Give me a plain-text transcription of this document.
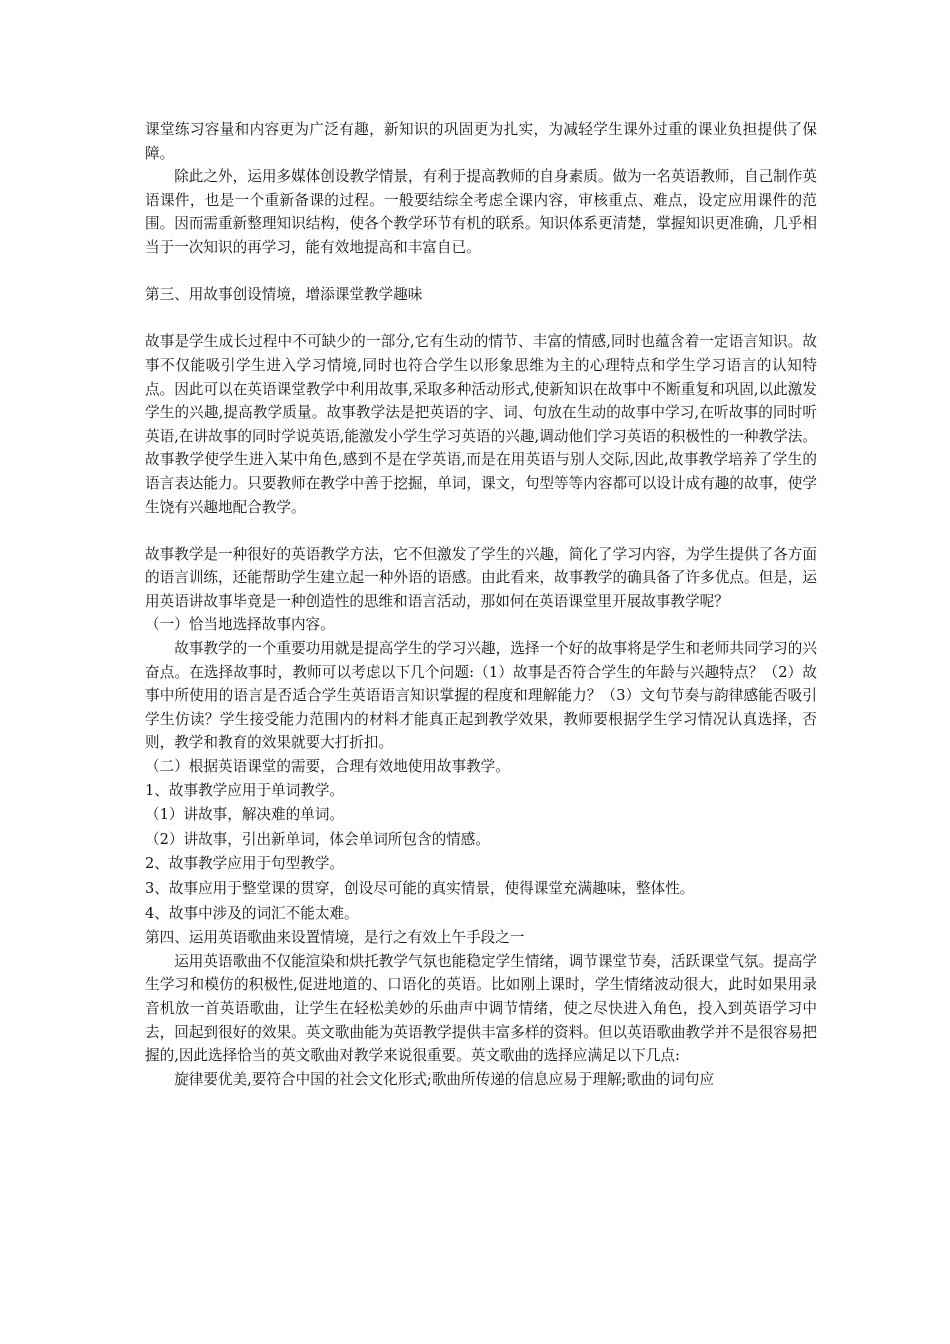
课堂练习容量和内容更为广泛有趣，新知识的巩固更为扎实，为减轻学生课外过重的课业负担提供了保障。

除此之外，运用多媒体创设教学情景，有利于提高教师的自身素质。做为一名英语教师，自己制作英语课件，也是一个重新备课的过程。一般要结综全考虑全课内容，审核重点、难点，设定应用课件的范围。因而需重新整理知识结构，使各个教学环节有机的联系。知识体系更清楚，掌握知识更准确，几乎相当于一次知识的再学习，能有效地提高和丰富自已。

第三、用故事创设情境，增添课堂教学趣味

故事是学生成长过程中不可缺少的一部分,它有生动的情节、丰富的情感,同时也蕴含着一定语言知识。故事不仅能吸引学生进入学习情境,同时也符合学生以形象思维为主的心理特点和学生学习语言的认知特点。因此可以在英语课堂教学中利用故事,采取多种活动形式,使新知识在故事中不断重复和巩固,以此激发学生的兴趣,提高教学质量。故事教学法是把英语的字、词、句放在生动的故事中学习,在听故事的同时听英语,在讲故事的同时学说英语,能激发小学生学习英语的兴趣,调动他们学习英语的积极性的一种教学法。故事教学使学生进入某中角色,感到不是在学英语,而是在用英语与别人交际,因此,故事教学培养了学生的语言表达能力。只要教师在教学中善于挖掘，单词，课文，句型等等内容都可以设计成有趣的故事，使学生饶有兴趣地配合教学。

故事教学是一种很好的英语教学方法，它不但激发了学生的兴趣，简化了学习内容，为学生提供了各方面的语言训练，还能帮助学生建立起一种外语的语感。由此看来，故事教学的确具备了许多优点。但是，运用英语讲故事毕竟是一种创造性的思维和语言活动，那如何在英语课堂里开展故事教学呢？

（一）恰当地选择故事内容。

故事教学的一个重要功用就是提高学生的学习兴趣，选择一个好的故事将是学生和老师共同学习的兴奋点。在选择故事时，教师可以考虑以下几个问题:（1）故事是否符合学生的年龄与兴趣特点？（2）故事中所使用的语言是否适合学生英语语言知识掌握的程度和理解能力？（3）文句节奏与韵律感能否吸引学生仿读？学生接受能力范围内的材料才能真正起到教学效果，教师要根据学生学习情况认真选择，否则，教学和教育的效果就要大打折扣。

（二）根据英语课堂的需要，合理有效地使用故事教学。

1、故事教学应用于单词教学。

（1）讲故事，解决难的单词。

（2）讲故事，引出新单词，体会单词所包含的情感。

2、故事教学应用于句型教学。

3、故事应用于整堂课的贯穿，创设尽可能的真实情景，使得课堂充满趣味，整体性。

4、故事中涉及的词汇不能太难。

第四、运用英语歌曲来设置情境，是行之有效上午手段之一

运用英语歌曲不仅能渲染和烘托教学气氛也能稳定学生情绪，调节课堂节奏，活跃课堂气氛。提高学生学习和模仿的积极性,促进地道的、口语化的英语。比如刚上课时，学生情绪波动很大，此时如果用录音机放一首英语歌曲，让学生在轻松美妙的乐曲声中调节情绪，使之尽快进入角色，投入到英语学习中去，回起到很好的效果。英文歌曲能为英语教学提供丰富多样的资料。但以英语歌曲教学并不是很容易把握的,因此选择恰当的英文歌曲对教学来说很重要。英文歌曲的选择应满足以下几点:

旋律要优美,要符合中国的社会文化形式;歌曲所传递的信息应易于理解;歌曲的词句应
